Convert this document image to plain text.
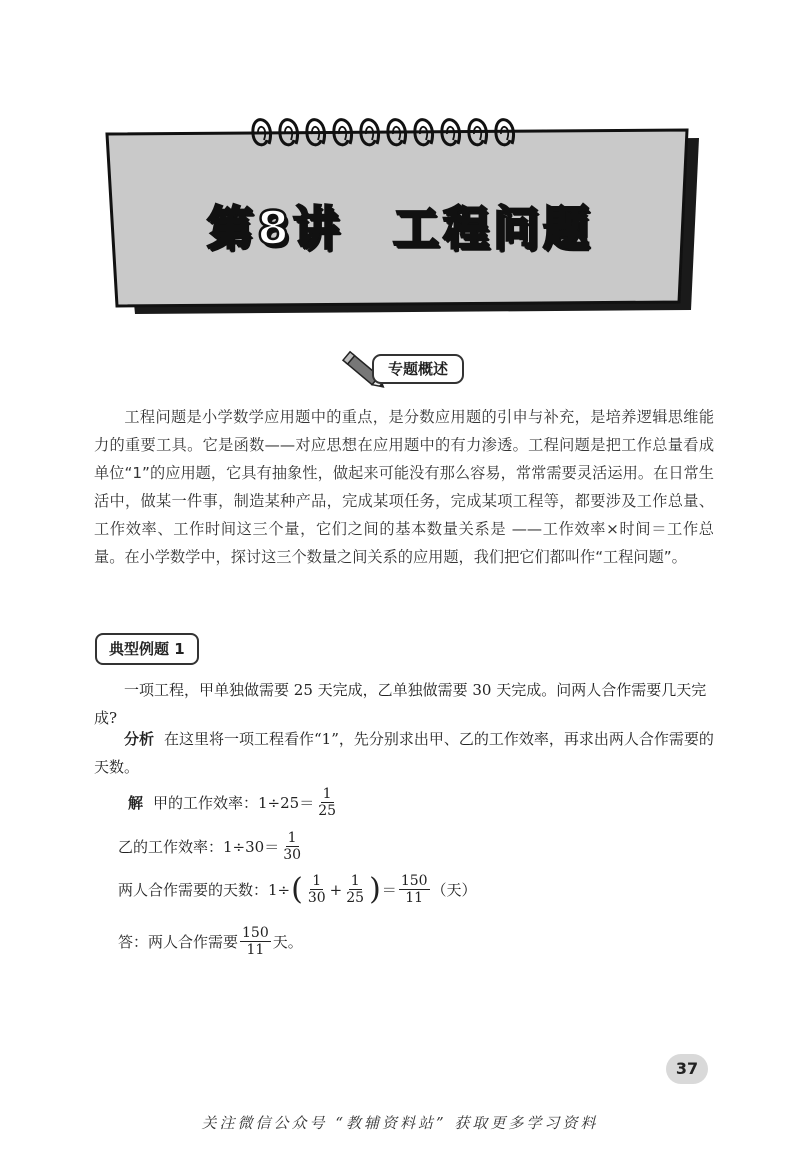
第8讲　工程问题
专题概述
工程问题是小学数学应用题中的重点，是分数应用题的引申与补充，是培养逻辑思维能力的重要工具。它是函数——对应思想在应用题中的有力渗透。工程问题是把工作总量看成单位“1”的应用题，它具有抽象性，做起来可能没有那么容易，常常需要灵活运用。在日常生活中，做某一件事，制造某种产品，完成某项任务，完成某项工程等，都要涉及工作总量、工作效率、工作时间这三个量，它们之间的基本数量关系是 ——工作效率×时间＝工作总量。在小学数学中，探讨这三个数量之间关系的应用题，我们把它们都叫作“工程问题”。
典型例题 1
一项工程，甲单独做需要 25 天完成，乙单独做需要 30 天完成。问两人合作需要几天完成?
分析 在这里将一项工程看作“1”，先分别求出甲、乙的工作效率，再求出两人合作需要的天数。
解 甲的工作效率：$1\div 25= \frac{1}{25}$
乙的工作效率：$1\div 30= \frac{1}{30}$
两人合作需要的天数：1÷ ( $\frac{1}{30} + \frac{1}{25}$ ) ＝ $\frac{150}{11}$ （天）
答：两人合作需要 $\frac{150}{11}$ 天。
37
关注微信公众号 “教辅资料站” 获取更多学习资料
